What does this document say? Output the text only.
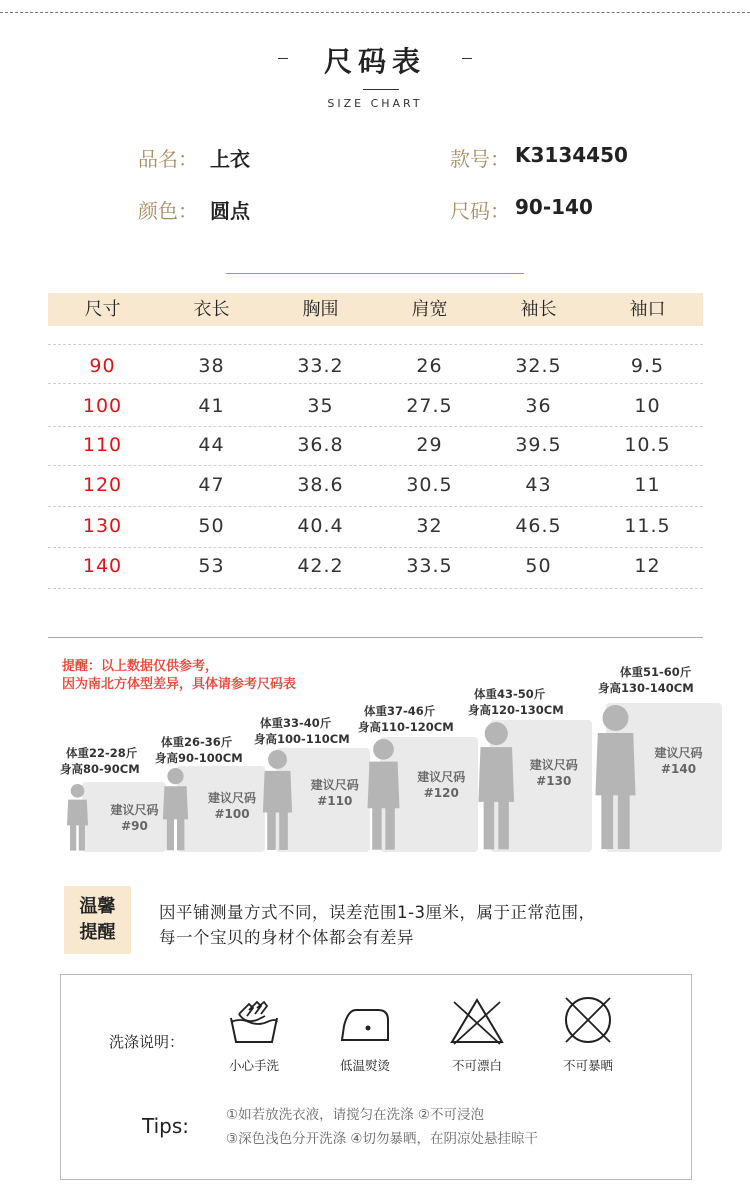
尺码表
SIZE CHART
品名： 上衣	款号： K3134450
颜色： 圆点	尺码： 90-140
尺寸	衣长	胸围	肩宽	袖长	袖口
90	38	33.2	26	32.5	9.5
100	41	35	27.5	36	10
110	44	36.8	29	39.5	10.5
120	47	38.6	30.5	43	11
130	50	40.4	32	46.5	11.5
140	53	42.2	33.5	50	12
提醒：以上数据仅供参考，
因为南北方体型差异，具体请参考尺码表
体重22-28斤
身高80-90CM
建议尺码
#90
体重26-36斤
身高90-100CM
建议尺码
#100
体重33-40斤
身高100-110CM
建议尺码
#110
体重37-46斤
身高110-120CM
建议尺码
#120
体重43-50斤
身高120-130CM
建议尺码
#130
体重51-60斤
身高130-140CM
建议尺码
#140
温馨
提醒
因平铺测量方式不同，误差范围1-3厘米，属于正常范围，
每一个宝贝的身材个体都会有差异
洗涤说明：
小心手洗	低温熨烫	不可漂白	不可暴晒
Tips:	①如若放洗衣液，请搅匀在洗涤 ②不可浸泡
③深色浅色分开洗涤 ④切勿暴晒，在阴凉处悬挂晾干
